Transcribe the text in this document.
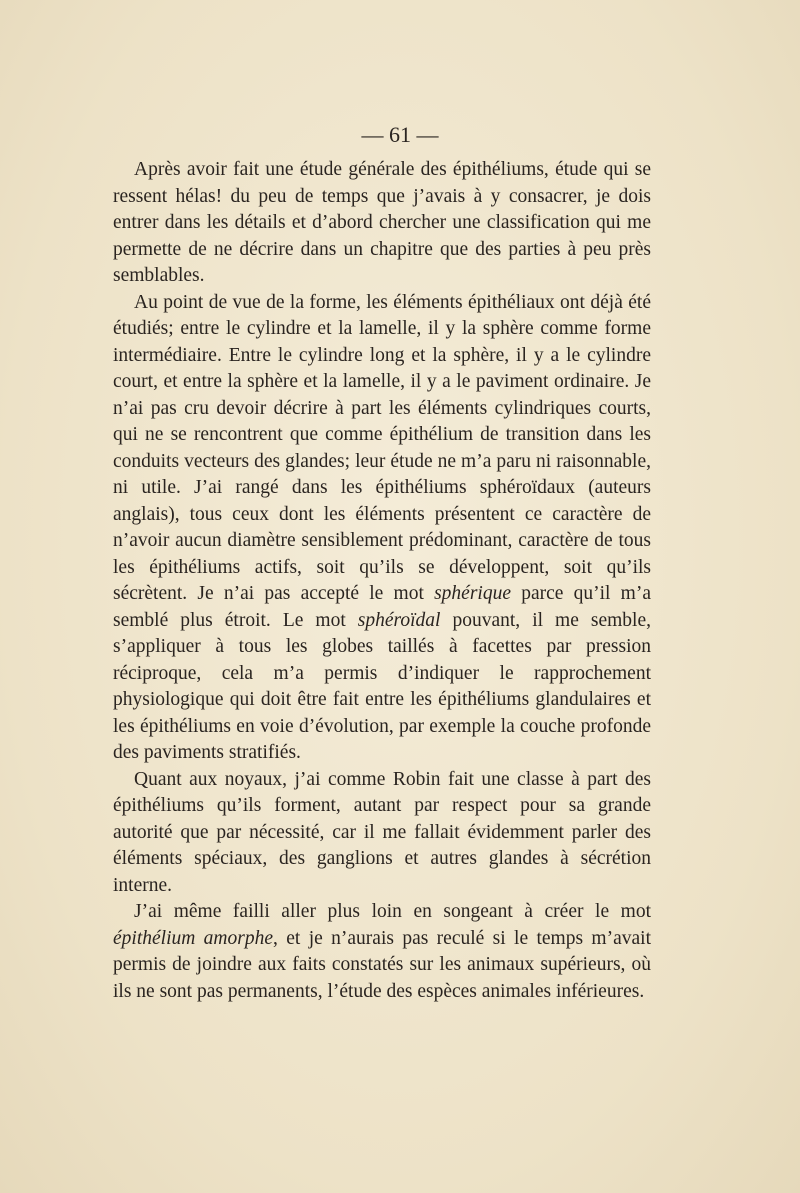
— 61 —

Après avoir fait une étude générale des épithéliums, étude qui se ressent hélas! du peu de temps que j’avais à y consacrer, je dois entrer dans les détails et d’abord chercher une classification qui me permette de ne décrire dans un chapitre que des parties à peu près semblables.

Au point de vue de la forme, les éléments épithéliaux ont déjà été étudiés; entre le cylindre et la lamelle, il y la sphère comme forme intermédiaire. Entre le cylindre long et la sphère, il y a le cylindre court, et entre la sphère et la lamelle, il y a le paviment ordinaire. Je n’ai pas cru devoir décrire à part les éléments cylindriques courts, qui ne se rencontrent que comme épithélium de transition dans les conduits vecteurs des glandes; leur étude ne m’a paru ni raisonnable, ni utile. J’ai rangé dans les épithéliums sphéroïdaux (auteurs anglais), tous ceux dont les éléments présentent ce caractère de n’avoir aucun diamètre sensiblement prédominant, caractère de tous les épithéliums actifs, soit qu’ils se développent, soit qu’ils sécrètent. Je n’ai pas accepté le mot sphérique parce qu’il m’a semblé plus étroit. Le mot sphéroïdal pouvant, il me semble, s’appliquer à tous les globes taillés à facettes par pression réciproque, cela m’a permis d’indiquer le rapprochement physiologique qui doit être fait entre les épithéliums glandulaires et les épithéliums en voie d’évolution, par exemple la couche profonde des paviments stratifiés.

Quant aux noyaux, j’ai comme Robin fait une classe à part des épithéliums qu’ils forment, autant par respect pour sa grande autorité que par nécessité, car il me fallait évidemment parler des éléments spéciaux, des ganglions et autres glandes à sécrétion interne.

J’ai même failli aller plus loin en songeant à créer le mot épithélium amorphe, et je n’aurais pas reculé si le temps m’avait permis de joindre aux faits constatés sur les animaux supérieurs, où ils ne sont pas permanents, l’étude des espèces animales inférieures.
